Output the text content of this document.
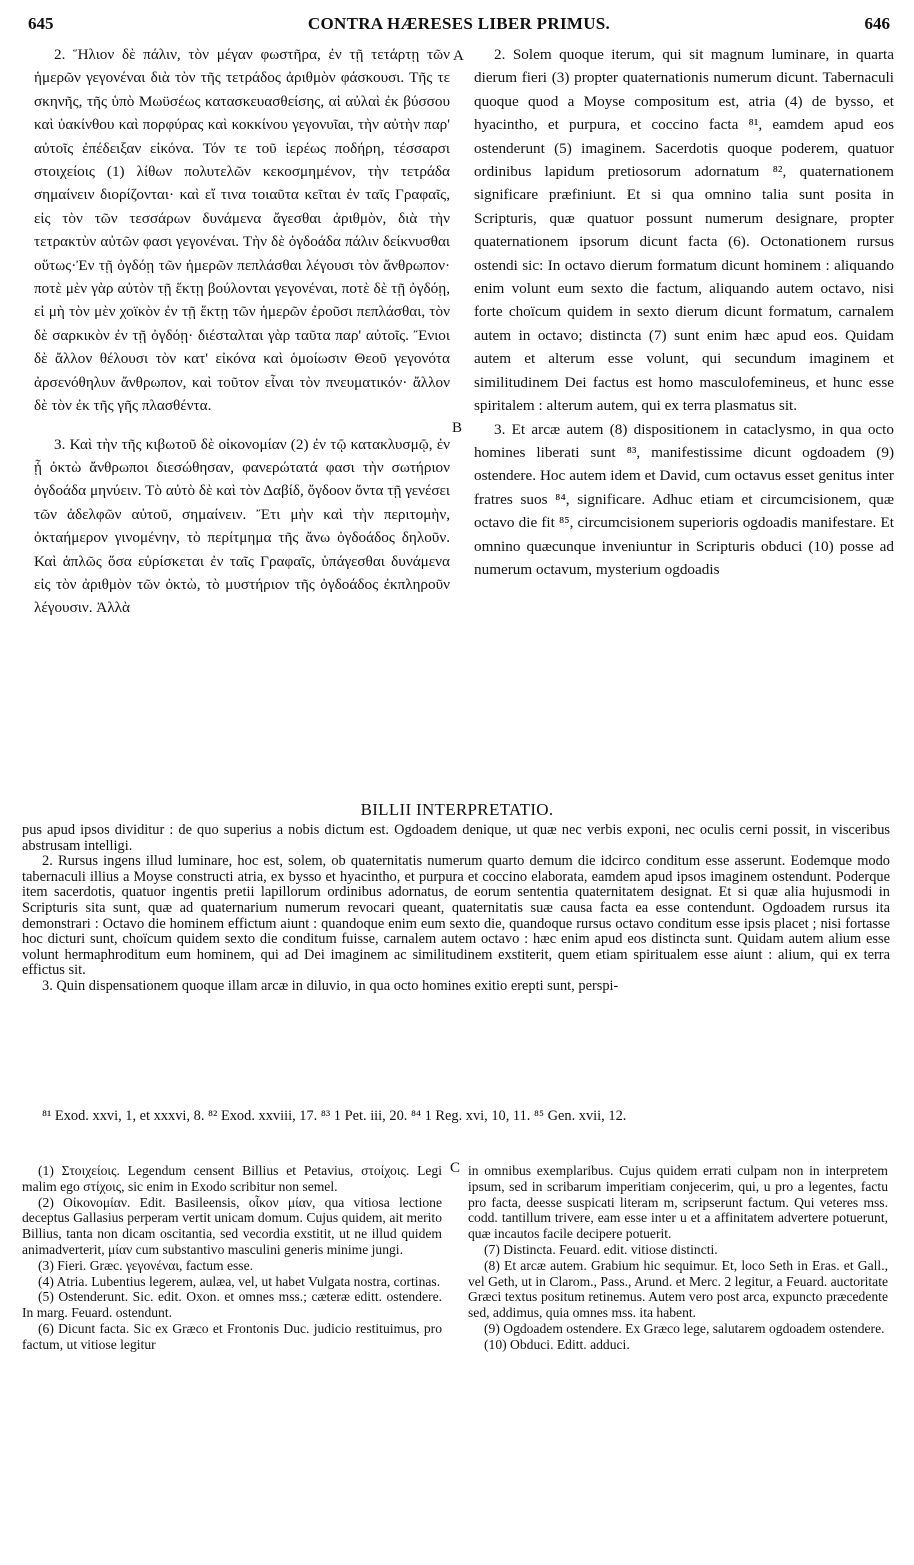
645	CONTRA HÆRESES LIBER PRIMUS.	646
A
B
C

2. Ἥλιον δὲ πάλιν, τὸν μέγαν φωστῆρα, ἐν τῇ τετάρτῃ τῶν ἡμερῶν γεγονέναι διὰ τὸν τῆς τετράδος ἀριθμὸν φάσκουσι. Τῆς τε σκηνῆς, τῆς ὑπὸ Μωϋσέως κατασκευασθείσης, αἱ αὐλαὶ ἐκ βύσσου καὶ ὑακίνθου καὶ πορφύρας καὶ κοκκίνου γεγονυῖαι, τὴν αὐτὴν παρ' αὐτοῖς ἐπέδειξαν εἰκόνα. Τόν τε τοῦ ἱερέως ποδήρη, τέσσαρσι στοιχείοις (1) λίθων πολυτελῶν κεκοσμημένον, τὴν τετράδα σημαίνειν διορίζονται· καὶ εἴ τινα τοιαῦτα κεῖται ἐν ταῖς Γραφαῖς, εἰς τὸν τῶν τεσσάρων δυνάμενα ἄγεσθαι ἀριθμὸν, διὰ τὴν τετρακτὺν αὐτῶν φασι γεγονέναι. Τὴν δὲ ὀγδοάδα πάλιν δείκνυσθαι οὕτως·Ἐν τῇ ὀγδόῃ τῶν ἡμερῶν πεπλάσθαι λέγουσι τὸν ἄνθρωπον· ποτὲ μὲν γὰρ αὐτὸν τῇ ἕκτῃ βούλονται γεγονέναι, ποτὲ δὲ τῇ ὀγδόῃ, εἰ μὴ τὸν μὲν χοϊκὸν ἐν τῇ ἕκτῃ τῶν ἡμερῶν ἐροῦσι πεπλάσθαι, τὸν δὲ σαρκικὸν ἐν τῇ ὀγδόῃ· διέσταλται γὰρ ταῦτα παρ' αὐτοῖς. Ἔνιοι δὲ ἄλλον θέλουσι τὸν κατ' εἰκόνα καὶ ὁμοίωσιν Θεοῦ γεγονότα ἀρσενόθηλυν ἄνθρωπον, καὶ τοῦτον εἶναι τὸν πνευματικόν· ἄλλον δὲ τὸν ἐκ τῆς γῆς πλασθέντα.

3. Καὶ τὴν τῆς κιβωτοῦ δὲ οἰκονομίαν (2) ἐν τῷ κατακλυσμῷ, ἐν ᾗ ὀκτὼ ἄνθρωποι διεσώθησαν, φανερώτατά φασι τὴν σωτήριον ὀγδοάδα μηνύειν. Τὸ αὐτὸ δὲ καὶ τὸν Δαβίδ, ὄγδοον ὄντα τῇ γενέσει τῶν ἀδελφῶν αὐτοῦ, σημαίνειν. Ἔτι μὴν καὶ τὴν περιτομὴν, ὀκταήμερον γινομένην, τὸ περίτμημα τῆς ἄνω ὀγδοάδος δηλοῦν. Καὶ ἁπλῶς ὅσα εὑρίσκεται ἐν ταῖς Γραφαῖς, ὑπάγεσθαι δυνάμενα εἰς τὸν ἀριθμὸν τῶν ὀκτὼ, τὸ μυστήριον τῆς ὀγδοάδος ἐκπληροῦν λέγουσιν. Ἀλλὰ

2. Solem quoque iterum, qui sit magnum luminare, in quarta dierum fieri (3) propter quaternationis numerum dicunt. Tabernaculi quoque quod a Moyse compositum est, atria (4) de bysso, et hyacintho, et purpura, et coccino facta ⁸¹, eamdem apud eos ostenderunt (5) imaginem. Sacerdotis quoque poderem, quatuor ordinibus lapidum pretiosorum adornatum ⁸², quaternationem significare præfiniunt. Et si qua omnino talia sunt posita in Scripturis, quæ quatuor possunt numerum designare, propter quaternationem ipsorum dicunt facta (6). Octonationem rursus ostendi sic: In octavo dierum formatum dicunt hominem : aliquando enim volunt eum sexto die factum, aliquando autem octavo, nisi forte choïcum quidem in sexto dierum dicunt formatum, carnalem autem in octavo; distincta (7) sunt enim hæc apud eos. Quidam autem et alterum esse volunt, qui secundum imaginem et similitudinem Dei factus est homo masculofemineus, et hunc esse spiritalem : alterum autem, qui ex terra plasmatus sit.

3. Et arcæ autem (8) dispositionem in cataclysmo, in qua octo homines liberati sunt ⁸³, manifestissime dicunt ogdoadem (9) ostendere. Hoc autem idem et David, cum octavus esset genitus inter fratres suos ⁸⁴, significare. Adhuc etiam et circumcisionem, quæ octavo die fit ⁸⁵, circumcisionem superioris ogdoadis manifestare. Et omnino quæcunque inveniuntur in Scripturis obduci (10) posse ad numerum octavum, mysterium ogdoadis

BILLII INTERPRETATIO.

pus apud ipsos dividitur : de quo superius a nobis dictum est. Ogdoadem denique, ut quæ nec verbis exponi, nec oculis cerni possit, in visceribus abstrusam intelligi.

2. Rursus ingens illud luminare, hoc est, solem, ob quaternitatis numerum quarto demum die idcirco conditum esse asserunt. Eodemque modo tabernaculi illius a Moyse constructi atria, ex bysso et hyacintho, et purpura et coccino elaborata, eamdem apud ipsos imaginem ostendunt. Poderque item sacerdotis, quatuor ingentis pretii lapillorum ordinibus adornatus, de eorum sententia quaternitatem designat. Et si quæ alia hujusmodi in Scripturis sita sunt, quæ ad quaternarium numerum revocari queant, quaternitatis suæ causa facta ea esse contendunt. Ogdoadem rursus ita demonstrari : Octavo die hominem effictum aiunt : quandoque enim eum sexto die, quandoque rursus octavo conditum esse ipsis placet ; nisi fortasse hoc dicturi sunt, choïcum quidem sexto die conditum fuisse, carnalem autem octavo : hæc enim apud eos distincta sunt. Quidam autem alium esse volunt hermaphroditum eum hominem, qui ad Dei imaginem ac similitudinem exstiterit, quem etiam spiritualem esse aiunt : alium, qui ex terra effictus sit.

3. Quin dispensationem quoque illam arcæ in diluvio, in qua octo homines exitio erepti sunt, perspi-

⁸¹ Exod. xxvi, 1, et xxxvi, 8. ⁸² Exod. xxviii, 17. ⁸³ 1 Pet. iii, 20. ⁸⁴ 1 Reg. xvi, 10, 11. ⁸⁵ Gen. xvii, 12.

(1) Στοιχείοις. Legendum censent Billius et Petavius, στοίχοις. Legi malim ego στίχοις, sic enim in Exodo scribitur non semel.

(2) Οἰκονομίαν. Edit. Basileensis, οἶκον μίαν, qua vitiosa lectione deceptus Gallasius perperam vertit unicam domum. Cujus quidem, ait merito Billius, tanta non dicam oscitantia, sed vecordia exstitit, ut ne illud quidem animadverterit, μίαν cum substantivo masculini generis minime jungi.

(3) Fieri. Græc. γεγονέναι, factum esse.

(4) Atria. Lubentius legerem, aulæa, vel, ut habet Vulgata nostra, cortinas.

(5) Ostenderunt. Sic. edit. Oxon. et omnes mss.; cæteræ editt. ostendere. In marg. Feuard. ostendunt.

(6) Dicunt facta. Sic ex Græco et Frontonis Duc. judicio restituimus, pro factum, ut vitiose legitur

in omnibus exemplaribus. Cujus quidem errati culpam non in interpretem ipsum, sed in scribarum imperitiam conjecerim, qui, u pro a legentes, factu pro facta, deesse suspicati literam m, scripserunt factum. Qui veteres mss. codd. tantillum trivere, eam esse inter u et a affinitatem advertere potuerunt, quæ incautos facile decipere potuerit.

(7) Distincta. Feuard. edit. vitiose distincti.

(8) Et arcæ autem. Grabium hic sequimur. Et, loco Seth in Eras. et Gall., vel Geth, ut in Clarom., Pass., Arund. et Merc. 2 legitur, a Feuard. auctoritate Græci textus positum retinemus. Autem vero post arca, expuncto præcedente sed, addimus, quia omnes mss. ita habent.

(9) Ogdoadem ostendere. Ex Græco lege, salutarem ogdoadem ostendere.

(10) Obduci. Editt. adduci.
